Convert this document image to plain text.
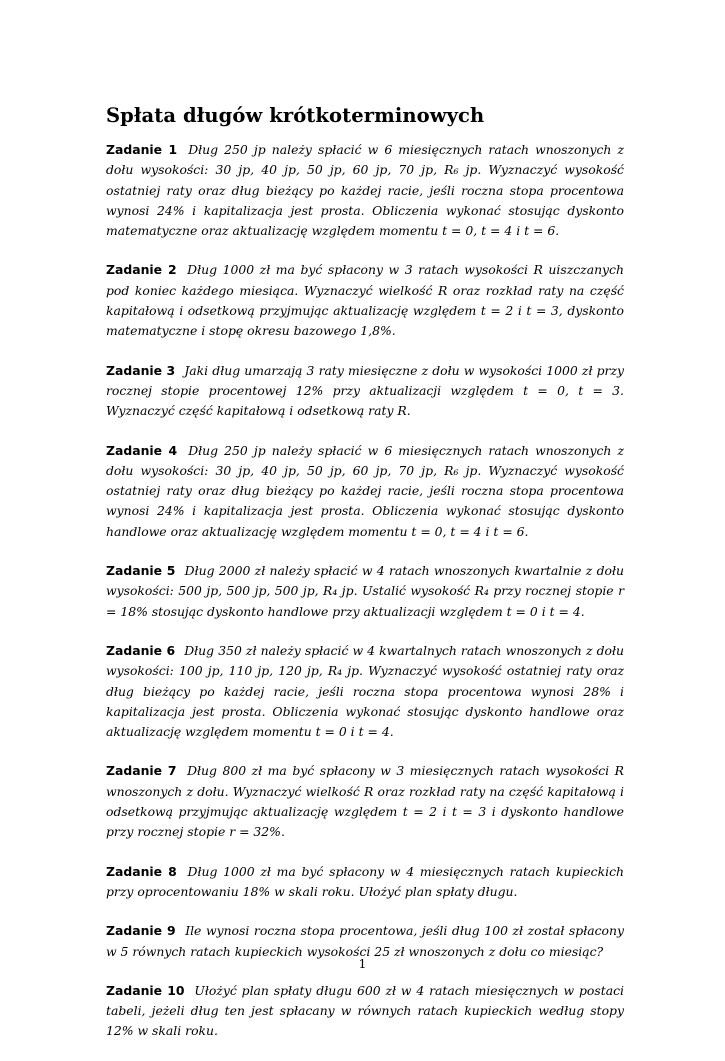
Spłata długów krótkoterminowych

Zadanie 1 Dług 250 jp należy spłacić w 6 miesięcznych ratach wnoszonych z dołu wysokości: 30 jp, 40 jp, 50 jp, 60 jp, 70 jp, R₆ jp. Wyznaczyć wysokość ostatniej raty oraz dług bieżący po każdej racie, jeśli roczna stopa procentowa wynosi 24% i kapitalizacja jest prosta. Obliczenia wykonać stosując dyskonto matematyczne oraz aktualizację względem momentu t = 0, t = 4 i t = 6.

Zadanie 2 Dług 1000 zł ma być spłacony w 3 ratach wysokości R uiszczanych pod koniec każdego miesiąca. Wyznaczyć wielkość R oraz rozkład raty na część kapitałową i odsetkową przyjmując aktualizację względem t = 2 i t = 3, dyskonto matematyczne i stopę okresu bazowego 1,8%.

Zadanie 3 Jaki dług umarzają 3 raty miesięczne z dołu w wysokości 1000 zł przy rocznej stopie procentowej 12% przy aktualizacji względem t = 0, t = 3. Wyznaczyć część kapitałową i odsetkową raty R.

Zadanie 4 Dług 250 jp należy spłacić w 6 miesięcznych ratach wnoszonych z dołu wysokości: 30 jp, 40 jp, 50 jp, 60 jp, 70 jp, R₆ jp. Wyznaczyć wysokość ostatniej raty oraz dług bieżący po każdej racie, jeśli roczna stopa procentowa wynosi 24% i kapitalizacja jest prosta. Obliczenia wykonać stosując dyskonto handlowe oraz aktualizację względem momentu t = 0, t = 4 i t = 6.

Zadanie 5 Dług 2000 zł należy spłacić w 4 ratach wnoszonych kwartalnie z dołu wysokości: 500 jp, 500 jp, 500 jp, R₄ jp. Ustalić wysokość R₄ przy rocznej stopie r = 18% stosując dyskonto handlowe przy aktualizacji względem t = 0 i t = 4.

Zadanie 6 Dług 350 zł należy spłacić w 4 kwartalnych ratach wnoszonych z dołu wysokości: 100 jp, 110 jp, 120 jp, R₄ jp. Wyznaczyć wysokość ostatniej raty oraz dług bieżący po każdej racie, jeśli roczna stopa procentowa wynosi 28% i kapitalizacja jest prosta. Obliczenia wykonać stosując dyskonto handlowe oraz aktualizację względem momentu t = 0 i t = 4.

Zadanie 7 Dług 800 zł ma być spłacony w 3 miesięcznych ratach wysokości R wnoszonych z dołu. Wyznaczyć wielkość R oraz rozkład raty na część kapitałową i odsetkową przyjmując aktualizację względem t = 2 i t = 3 i dyskonto handlowe przy rocznej stopie r = 32%.

Zadanie 8 Dług 1000 zł ma być spłacony w 4 miesięcznych ratach kupieckich przy oprocentowaniu 18% w skali roku. Ułożyć plan spłaty długu.

Zadanie 9 Ile wynosi roczna stopa procentowa, jeśli dług 100 zł został spłacony w 5 równych ratach kupieckich wysokości 25 zł wnoszonych z dołu co miesiąc?

Zadanie 10 Ułożyć plan spłaty długu 600 zł w 4 ratach miesięcznych w postaci tabeli, jeżeli dług ten jest spłacany w równych ratach kupieckich według stopy 12% w skali roku.

1
